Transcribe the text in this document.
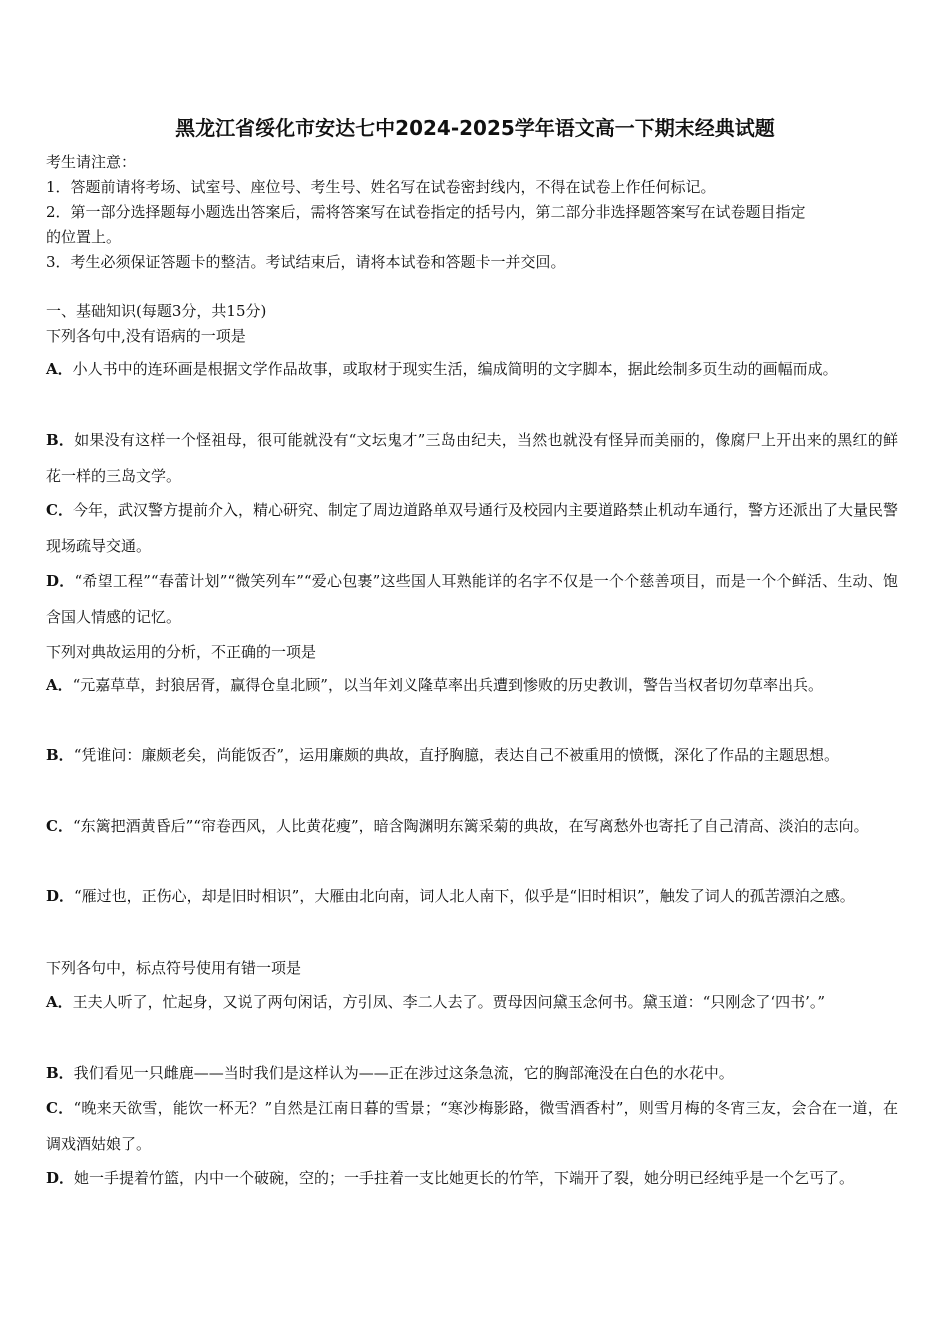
黑龙江省绥化市安达七中2024-2025学年语文高一下期末经典试题
考生请注意：
1．答题前请将考场、试室号、座位号、考生号、姓名写在试卷密封线内，不得在试卷上作任何标记。
2．第一部分选择题每小题选出答案后，需将答案写在试卷指定的括号内，第二部分非选择题答案写在试卷题目指定
的位置上。
3．考生必须保证答题卡的整洁。考试结束后，请将本试卷和答题卡一并交回。
一、基础知识(每题3分，共15分)
下列各句中,没有语病的一项是
A．小人书中的连环画是根据文学作品故事，或取材于现实生活，编成简明的文字脚本，据此绘制多页生动的画幅而成。
B．如果没有这样一个怪祖母，很可能就没有“文坛鬼才”三岛由纪夫，当然也就没有怪异而美丽的，像腐尸上开出来的黑红的鲜花一样的三岛文学。
C．今年，武汉警方提前介入，精心研究、制定了周边道路单双号通行及校园内主要道路禁止机动车通行，警方还派出了大量民警现场疏导交通。
D．“希望工程”“春蕾计划”“微笑列车”“爱心包裹”这些国人耳熟能详的名字不仅是一个个慈善项目，而是一个个鲜活、生动、饱含国人情感的记忆。
下列对典故运用的分析，不正确的一项是
A．“元嘉草草，封狼居胥，赢得仓皇北顾”，以当年刘义隆草率出兵遭到惨败的历史教训，警告当权者切勿草率出兵。
B．“凭谁问：廉颇老矣，尚能饭否”，运用廉颇的典故，直抒胸臆，表达自己不被重用的愤慨，深化了作品的主题思想。
C．“东篱把酒黄昏后”“帘卷西风，人比黄花瘦”，暗含陶渊明东篱采菊的典故，在写离愁外也寄托了自己清高、淡泊的志向。
D．“雁过也，正伤心，却是旧时相识”，大雁由北向南，词人北人南下，似乎是“旧时相识”，触发了词人的孤苦漂泊之感。
下列各句中，标点符号使用有错一项是
A．王夫人听了，忙起身，又说了两句闲话，方引凤、李二人去了。贾母因问黛玉念何书。黛玉道：“只刚念了‘四书’。”
B．我们看见一只雌鹿——当时我们是这样认为——正在涉过这条急流，它的胸部淹没在白色的水花中。
C．“晚来天欲雪，能饮一杯无？”自然是江南日暮的雪景；“寒沙梅影路，微雪酒香村”，则雪月梅的冬宵三友，会合在一道，在调戏酒姑娘了。
D．她一手提着竹篮，内中一个破碗，空的；一手拄着一支比她更长的竹竿，下端开了裂，她分明已经纯乎是一个乞丐了。
